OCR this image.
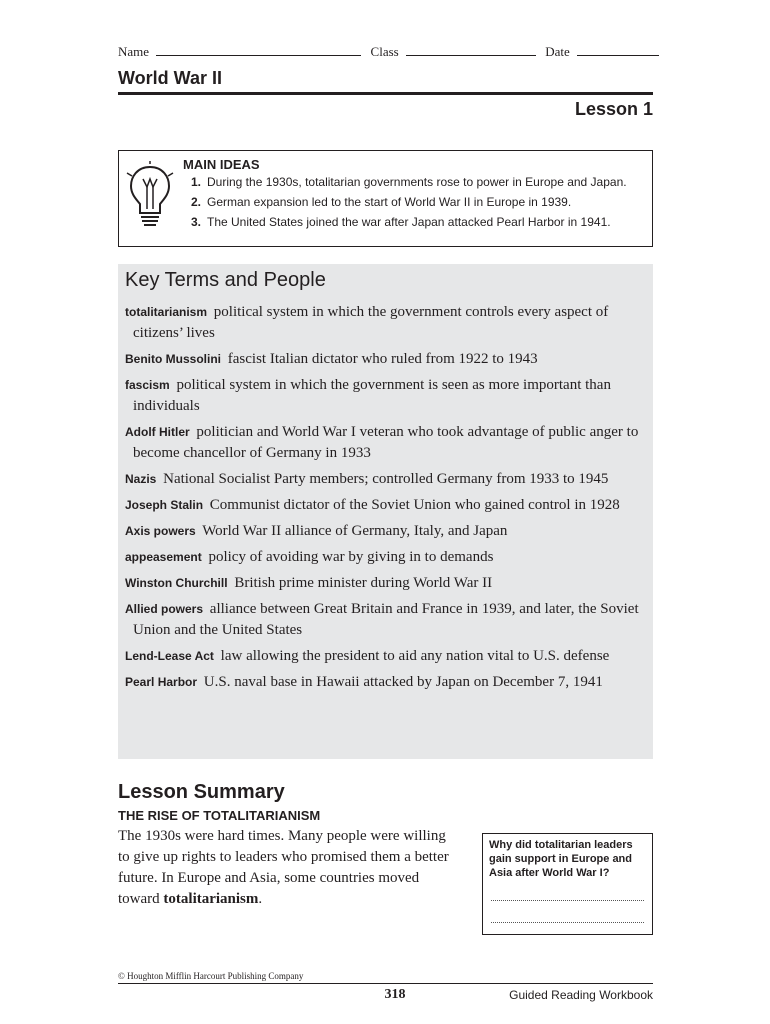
Name	Class	Date
World War II
Lesson 1
MAIN IDEAS
1. During the 1930s, totalitarian governments rose to power in Europe and Japan.
2. German expansion led to the start of World War II in Europe in 1939.
3. The United States joined the war after Japan attacked Pearl Harbor in 1941.
Key Terms and People

totalitarianism political system in which the government controls every aspect of citizens’ lives

Benito Mussolini fascist Italian dictator who ruled from 1922 to 1943

fascism political system in which the government is seen as more important than individuals

Adolf Hitler politician and World War I veteran who took advantage of public anger to become chancellor of Germany in 1933

Nazis National Socialist Party members; controlled Germany from 1933 to 1945

Joseph Stalin Communist dictator of the Soviet Union who gained control in 1928

Axis powers World War II alliance of Germany, Italy, and Japan

appeasement policy of avoiding war by giving in to demands

Winston Churchill British prime minister during World War II

Allied powers alliance between Great Britain and France in 1939, and later, the Soviet Union and the United States

Lend-Lease Act law allowing the president to aid any nation vital to U.S. defense

Pearl Harbor U.S. naval base in Hawaii attacked by Japan on December 7, 1941

Lesson Summary
THE RISE OF TOTALITARIANISM

The 1930s were hard times. Many people were willing to give up rights to leaders who promised them a better future. In Europe and Asia, some countries moved toward totalitarianism.

Why did totalitarian leaders gain support in Europe and Asia after World War I?
© Houghton Mifflin Harcourt Publishing Company
318	Guided Reading Workbook
